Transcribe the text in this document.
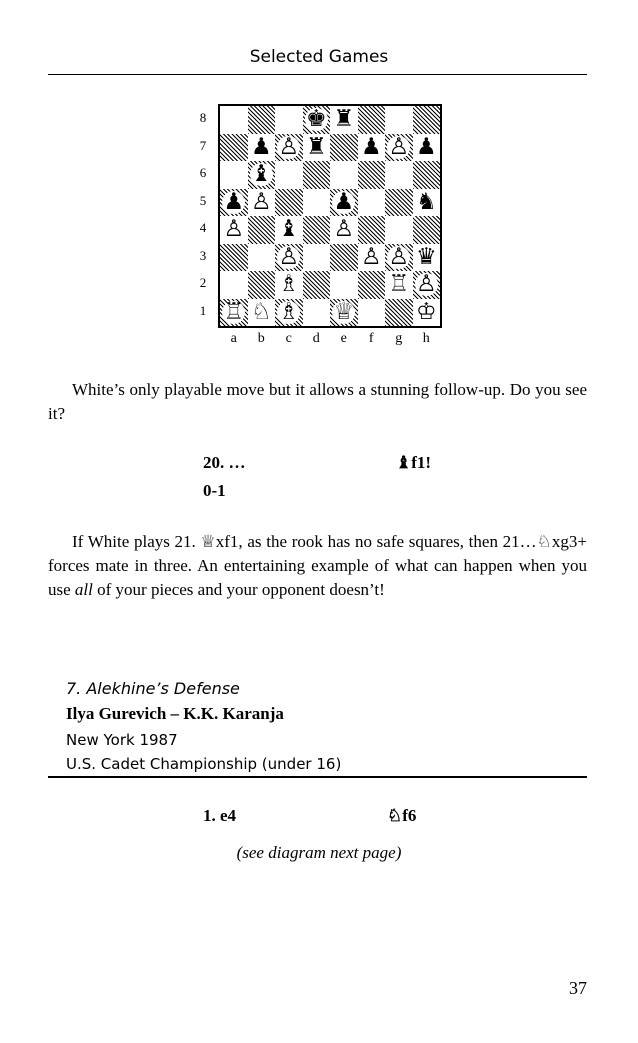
Selected Games
8
7
6
5
4
3
2
1
♚ ♜
♟ ♙ ♜ ♟ ♙ ♟
♝
♟ ♙	♟	♞
♙ ♝ ♙
♙	♙ ♙ ♛
♗	♖ ♙
♖ ♘ ♗ ♕	♔
a	b	c	d	e	f	g	h
White’s only playable move but it allows a stunning follow-up. Do you see it?
20. …	♝f1!
0-1
If White plays 21. ♕xf1, as the rook has no safe squares, then 21…♘xg3+ forces mate in three. An entertaining example of what can happen when you use all of your pieces and your opponent doesn’t!
7. Alekhine’s Defense
Ilya Gurevich – K.K. Karanja
New York 1987
U.S. Cadet Championship (under 16)
1. e4	♘f6
(see diagram next page)
37
